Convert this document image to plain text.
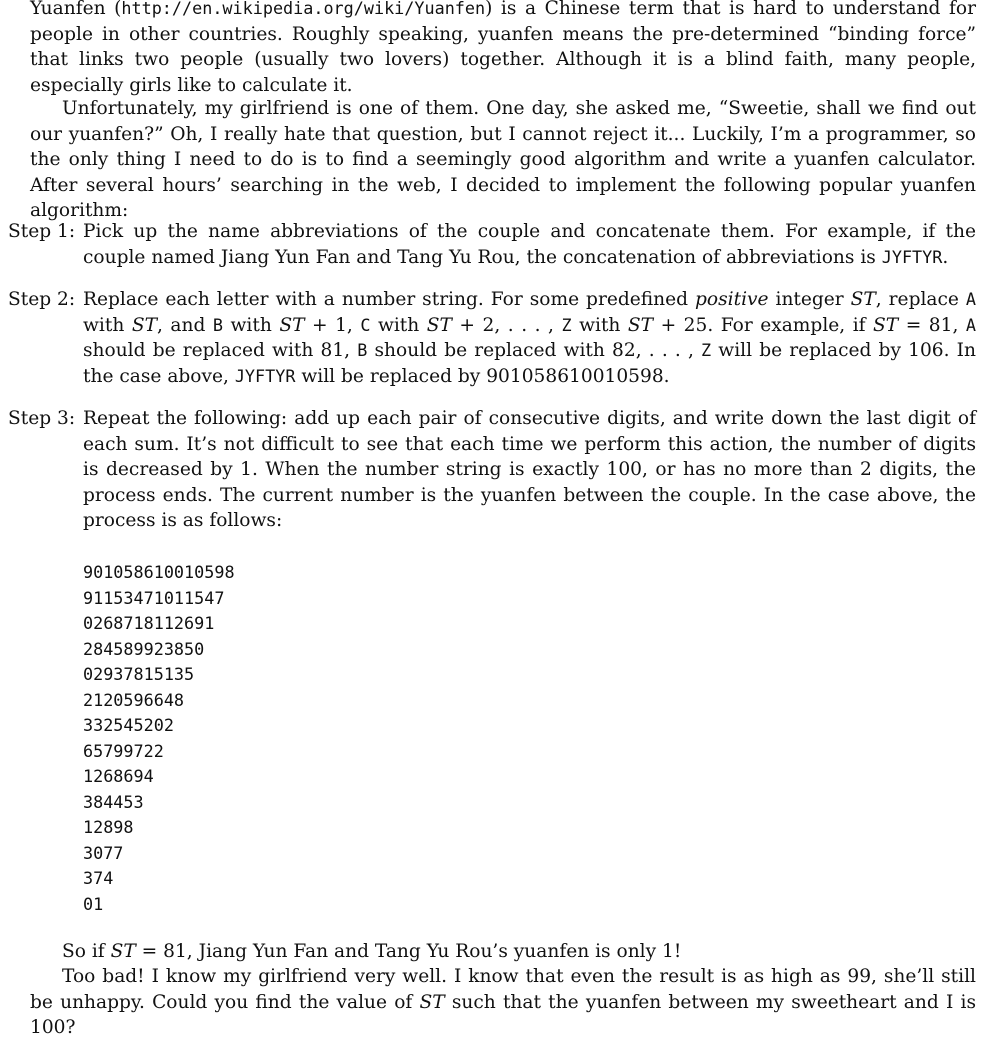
Yuanfen (http://en.wikipedia.org/wiki/Yuanfen) is a Chinese term that is hard to understand for people in other countries. Roughly speaking, yuanfen means the pre-determined “binding force” that links two people (usually two lovers) together. Although it is a blind faith, many people, especially girls like to calculate it.

Unfortunately, my girlfriend is one of them. One day, she asked me, “Sweetie, shall we find out our yuanfen?” Oh, I really hate that question, but I cannot reject it... Luckily, I’m a programmer, so the only thing I need to do is to find a seemingly good algorithm and write a yuanfen calculator. After several hours’ searching in the web, I decided to implement the following popular yuanfen algorithm:

Step 1: Pick up the name abbreviations of the couple and concatenate them. For example, if the couple named Jiang Yun Fan and Tang Yu Rou, the concatenation of abbreviations is JYFTYR.
Step 2: Replace each letter with a number string. For some predefined positive integer ST, replace A with ST, and B with ST + 1, C with ST + 2, . . . , Z with ST + 25. For example, if ST = 81, A should be replaced with 81, B should be replaced with 82, . . . , Z will be replaced by 106. In the case above, JYFTYR will be replaced by 901058610010598.
Step 3: Repeat the following: add up each pair of consecutive digits, and write down the last digit of each sum. It’s not difficult to see that each time we perform this action, the number of digits is decreased by 1. When the number string is exactly 100, or has no more than 2 digits, the process ends. The current number is the yuanfen between the couple. In the case above, the process is as follows:
901058610010598
91153471011547
0268718112691
284589923850
02937815135
2120596648
332545202
65799722
1268694
384453
12898
3077
374
01

So if ST = 81, Jiang Yun Fan and Tang Yu Rou’s yuanfen is only 1!

Too bad! I know my girlfriend very well. I know that even the result is as high as 99, she’ll still be unhappy. Could you find the value of ST such that the yuanfen between my sweetheart and I is 100?
